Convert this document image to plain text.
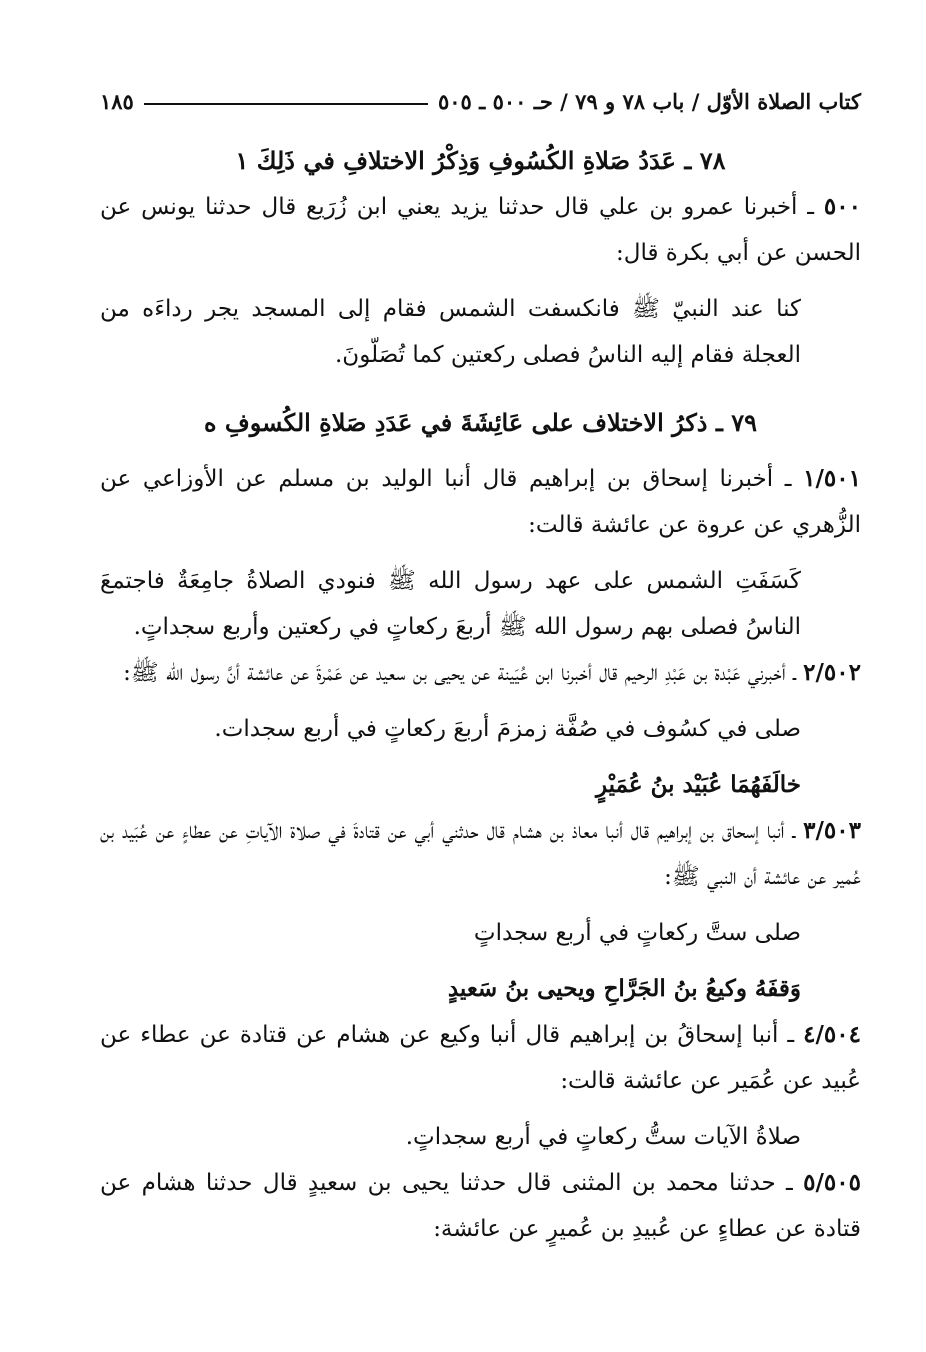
كتاب الصلاة الأوّل / باب ٧٨ و ٧٩ / حـ ٥٠٠ ـ ٥٠٥
١٨٥

٧٨ ـ عَدَدُ صَلاةِ الكُسُوفِ وَذِكْرُ الاختلافِ في ذَلِكَ ١

٥٠٠ ـ أخبرنا عمرو بن علي قال حدثنا يزيد يعني ابن زُرَيع قال حدثنا يونس عن الحسن عن أبي بكرة قال:

كنا عند النبيّ ﷺ فانكسفت الشمس فقام إلى المسجد يجر رداءَه من العجلة فقام إليه الناسُ فصلى ركعتين كما تُصَلّونَ.

٧٩ ـ ذكرُ الاختلاف على عَائِشَةَ في عَدَدِ صَلاةِ الكُسوفِ ه

١/٥٠١ ـ أخبرنا إسحاق بن إبراهيم قال أنبا الوليد بن مسلم عن الأوزاعي عن الزُّهري عن عروة عن عائشة قالت:

كَسَفَتِ الشمس على عهد رسول الله ﷺ فنودي الصلاةُ جامِعَةٌ فاجتمعَ الناسُ فصلى بهم رسول الله ﷺ أربعَ ركعاتٍ في ركعتين وأربع سجداتٍ.

٢/٥٠٢ ـ أخبرني عَبْدة بن عَبْدِ الرحيم قال أخبرنا ابن عُيَينة عن يحيى بن سعيد عن عَمْرةَ عن عائشة أنَّ رسول الله ﷺ:

صلى في كسُوف في صُفَّة زمزمَ أربعَ ركعاتٍ في أربع سجدات.

خالَفَهُمَا عُبَيْد بنُ عُمَيْرٍ

٣/٥٠٣ ـ أنبا إسحاق بن إبراهيم قال أنبا معاذ بن هشام قال حدثني أبي عن قتادةَ في صلاة الآياتِ عن عطاءٍ عن عُبَيد بن عُمير عن عائشة أن النبي ﷺ:

صلى ستَّ ركعاتٍ في أربع سجداتٍ

وَقفَهُ وكيعُ بنُ الجَرَّاحِ ويحيى بنُ سَعيدٍ

٤/٥٠٤ ـ أنبا إسحاقُ بن إبراهيم قال أنبا وكيع عن هشام عن قتادة عن عطاء عن عُبيد عن عُمَير عن عائشة قالت:

صلاةُ الآيات ستُّ ركعاتٍ في أربع سجداتٍ.

٥/٥٠٥ ـ حدثنا محمد بن المثنى قال حدثنا يحيى بن سعيدٍ قال حدثنا هشام عن قتادة عن عطاءٍ عن عُبيدِ بن عُميرٍ عن عائشة:
